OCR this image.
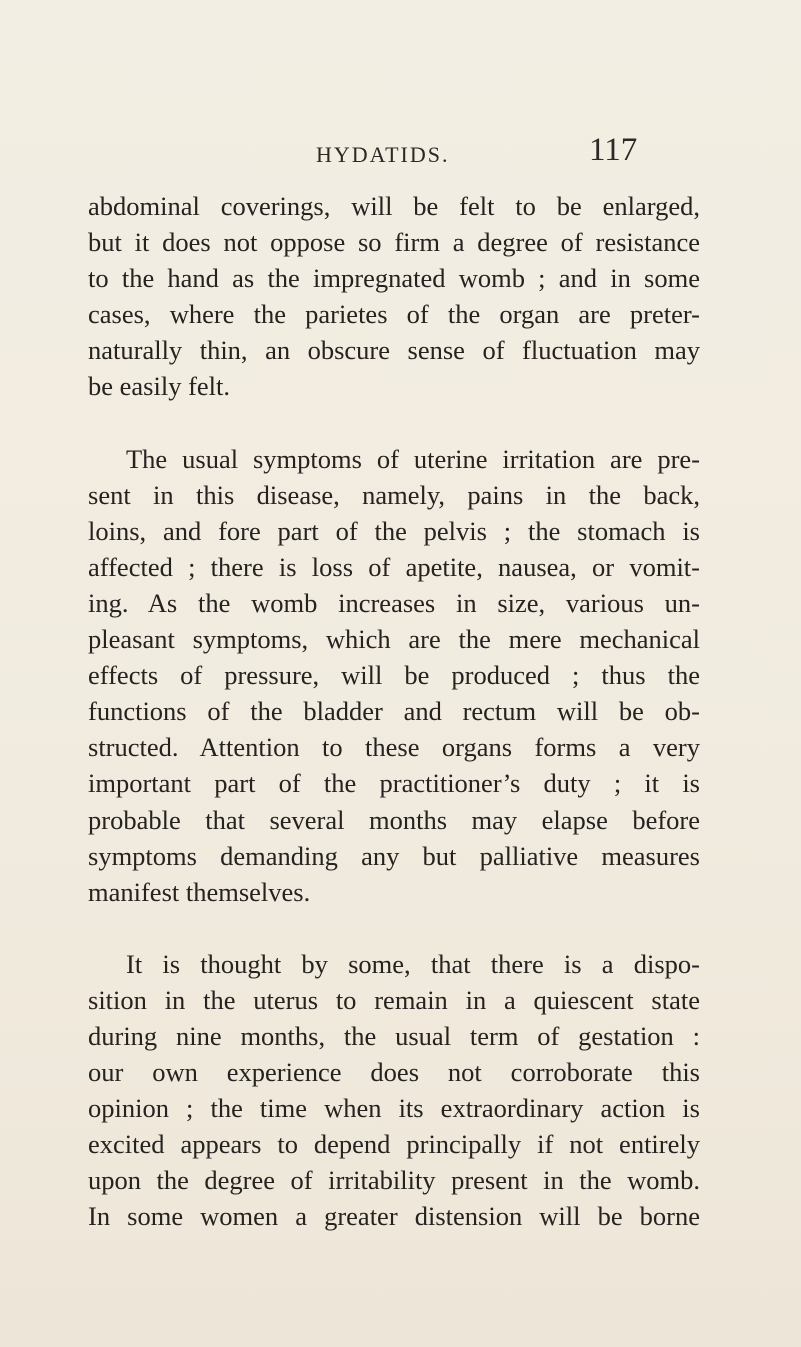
HYDATIDS.	117
abdominal coverings, will be felt to be enlarged,
but it does not oppose so firm a degree of resistance
to the hand as the impregnated womb ; and in some
cases, where the parietes of the organ are preter-
naturally thin, an obscure sense of fluctuation may
be easily felt.
The usual symptoms of uterine irritation are pre-
sent in this disease, namely, pains in the back,
loins, and fore part of the pelvis ; the stomach is
affected ; there is loss of apetite, nausea, or vomit-
ing. As the womb increases in size, various un-
pleasant symptoms, which are the mere mechanical
effects of pressure, will be produced ; thus the
functions of the bladder and rectum will be ob-
structed. Attention to these organs forms a very
important part of the practitioner’s duty ; it is
probable that several months may elapse before
symptoms demanding any but palliative measures
manifest themselves.
It is thought by some, that there is a dispo-
sition in the uterus to remain in a quiescent state
during nine months, the usual term of gestation :
our own experience does not corroborate this
opinion ; the time when its extraordinary action is
excited appears to depend principally if not entirely
upon the degree of irritability present in the womb.
In some women a greater distension will be borne
